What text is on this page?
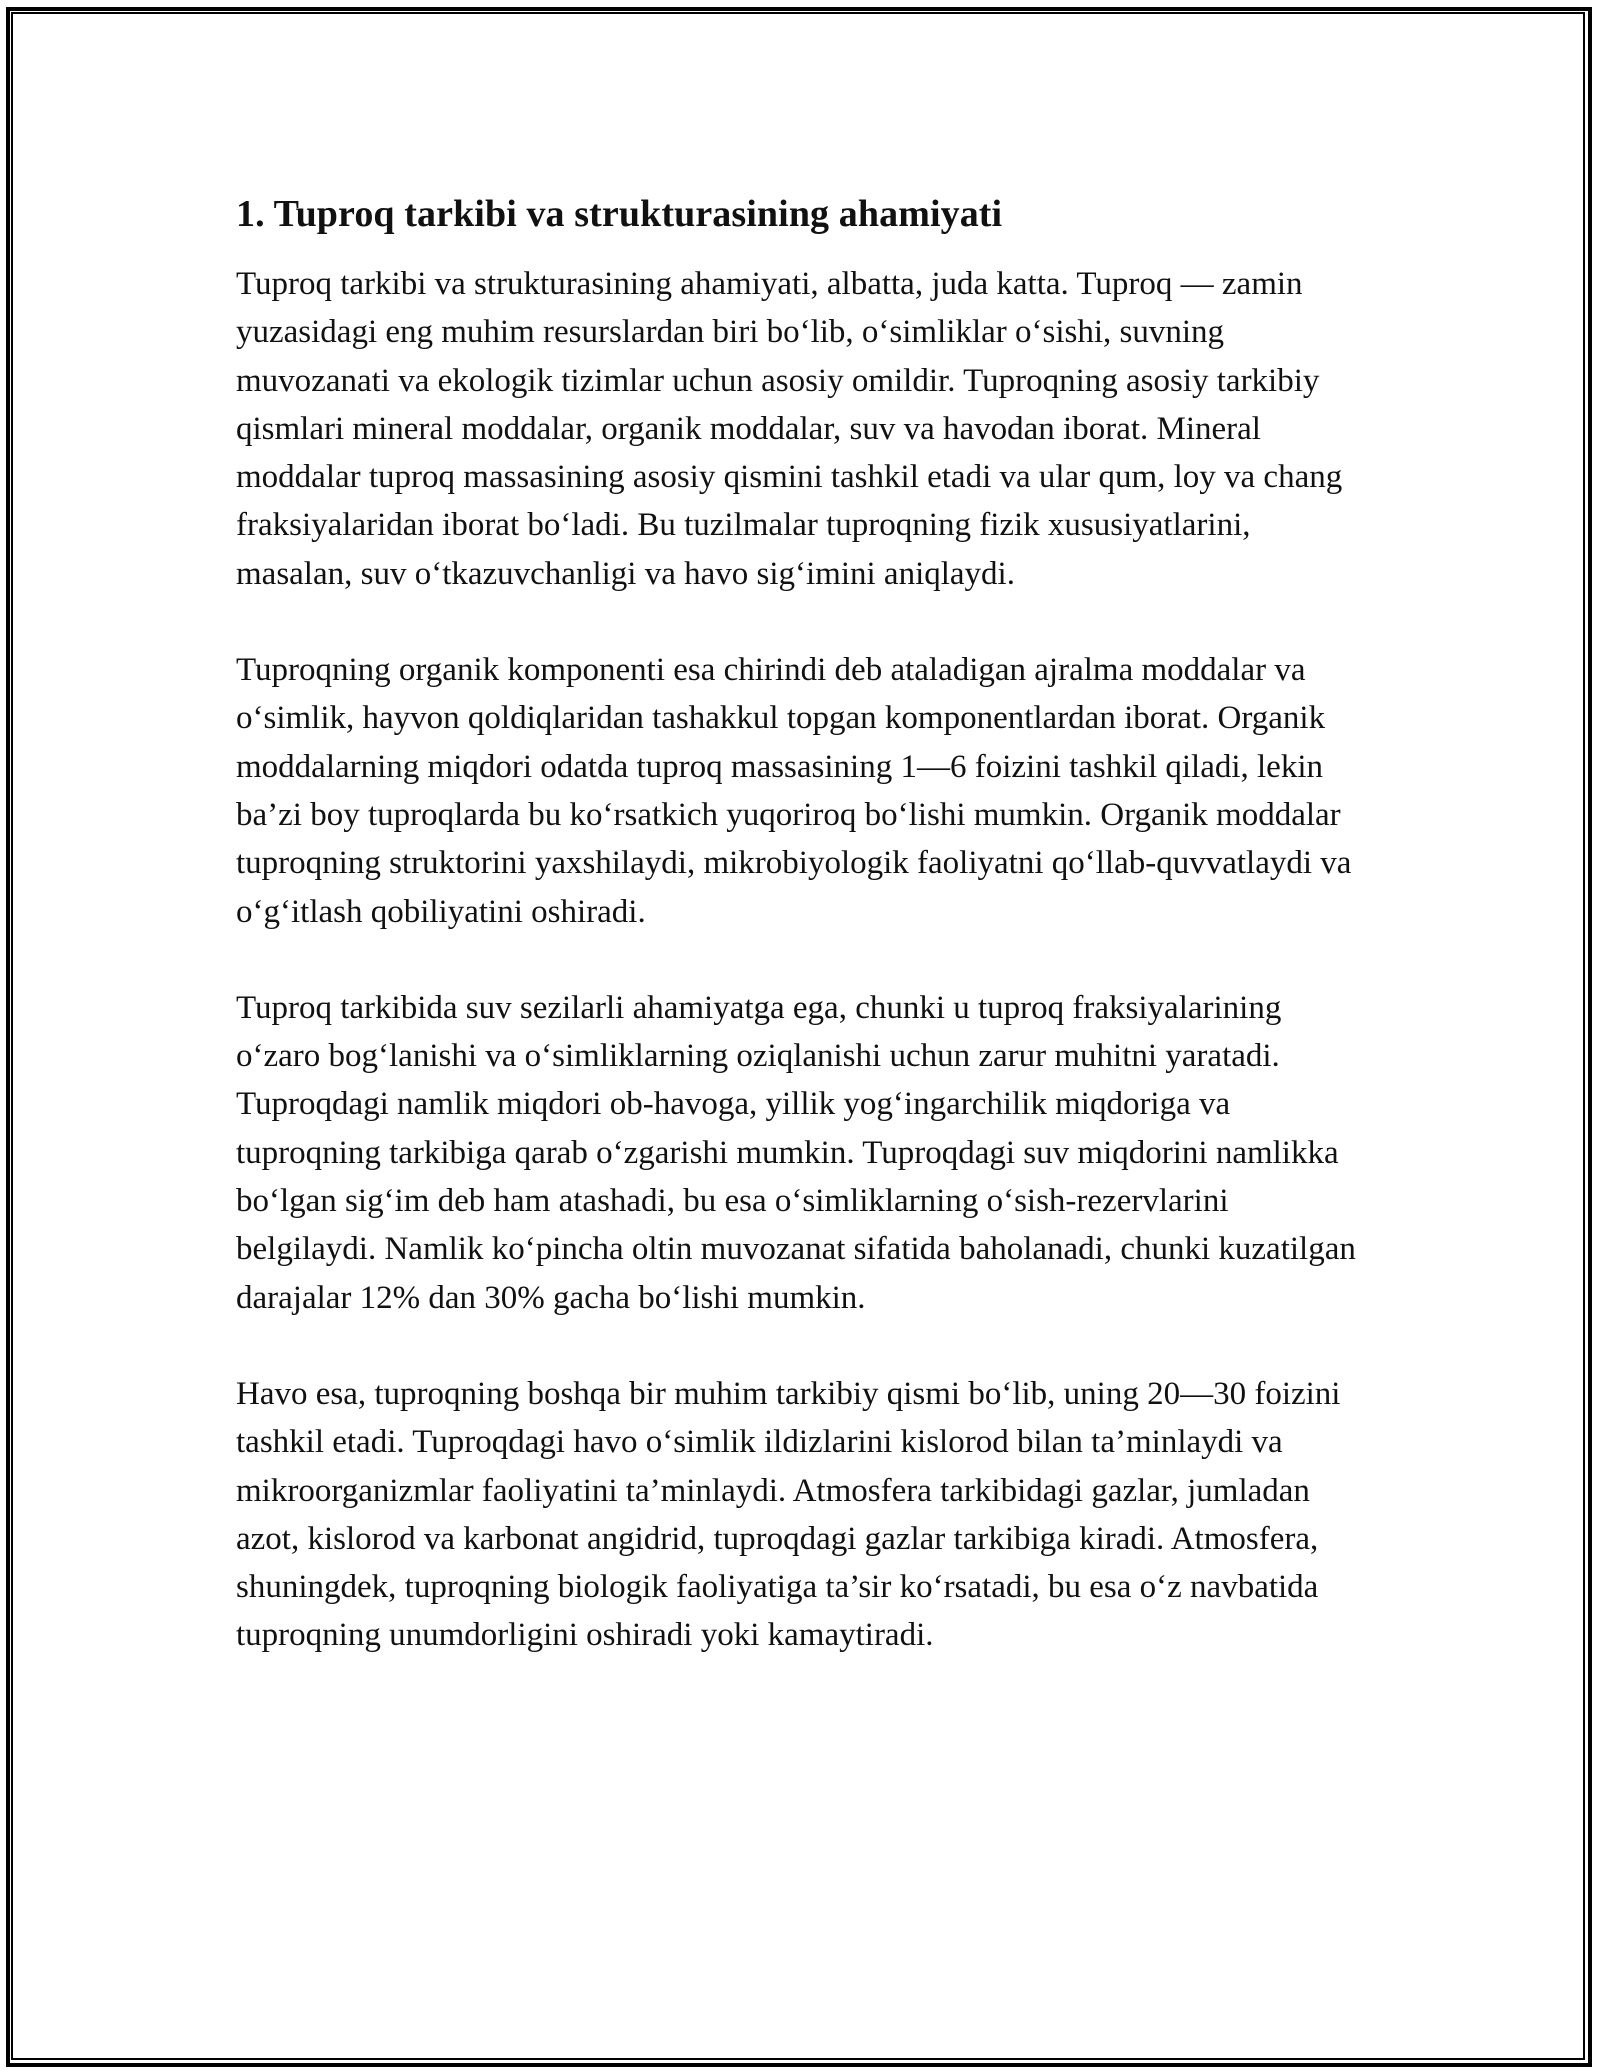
1. Tuproq tarkibi va strukturasining ahamiyati

Tuproq tarkibi va strukturasining ahamiyati, albatta, juda katta. Tuproq — zamin yuzasidagi eng muhim resurslardan biri bo‘lib, o‘simliklar o‘sishi, suvning muvozanati va ekologik tizimlar uchun asosiy omildir. Tuproqning asosiy tarkibiy qismlari mineral moddalar, organik moddalar, suv va havodan iborat. Mineral moddalar tuproq massasining asosiy qismini tashkil etadi va ular qum, loy va chang fraksiyalaridan iborat bo‘ladi. Bu tuzilmalar tuproqning fizik xususiyatlarini, masalan, suv o‘tkazuvchanligi va havo sig‘imini aniqlaydi.

Tuproqning organik komponenti esa chirindi deb ataladigan ajralma moddalar va o‘simlik, hayvon qoldiqlaridan tashakkul topgan komponentlardan iborat. Organik moddalarning miqdori odatda tuproq massasining 1—6 foizini tashkil qiladi, lekin ba’zi boy tuproqlarda bu ko‘rsatkich yuqoriroq bo‘lishi mumkin. Organik moddalar tuproqning struktorini yaxshilaydi, mikrobiyologik faoliyatni qo‘llab-quvvatlaydi va o‘g‘itlash qobiliyatini oshiradi.

Tuproq tarkibida suv sezilarli ahamiyatga ega, chunki u tuproq fraksiyalarining o‘zaro bog‘lanishi va o‘simliklarning oziqlanishi uchun zarur muhitni yaratadi. Tuproqdagi namlik miqdori ob-havoga, yillik yog‘ingarchilik miqdoriga va tuproqning tarkibiga qarab o‘zgarishi mumkin. Tuproqdagi suv miqdorini namlikka bo‘lgan sig‘im deb ham atashadi, bu esa o‘simliklarning o‘sish-rezervlarini belgilaydi. Namlik ko‘pincha oltin muvozanat sifatida baholanadi, chunki kuzatilgan darajalar 12% dan 30% gacha bo‘lishi mumkin.

Havo esa, tuproqning boshqa bir muhim tarkibiy qismi bo‘lib, uning 20—30 foizini tashkil etadi. Tuproqdagi havo o‘simlik ildizlarini kislorod bilan ta’minlaydi va mikroorganizmlar faoliyatini ta’minlaydi. Atmosfera tarkibidagi gazlar, jumladan azot, kislorod va karbonat angidrid, tuproqdagi gazlar tarkibiga kiradi. Atmosfera, shuningdek, tuproqning biologik faoliyatiga ta’sir ko‘rsatadi, bu esa o‘z navbatida tuproqning unumdorligini oshiradi yoki kamaytiradi.
